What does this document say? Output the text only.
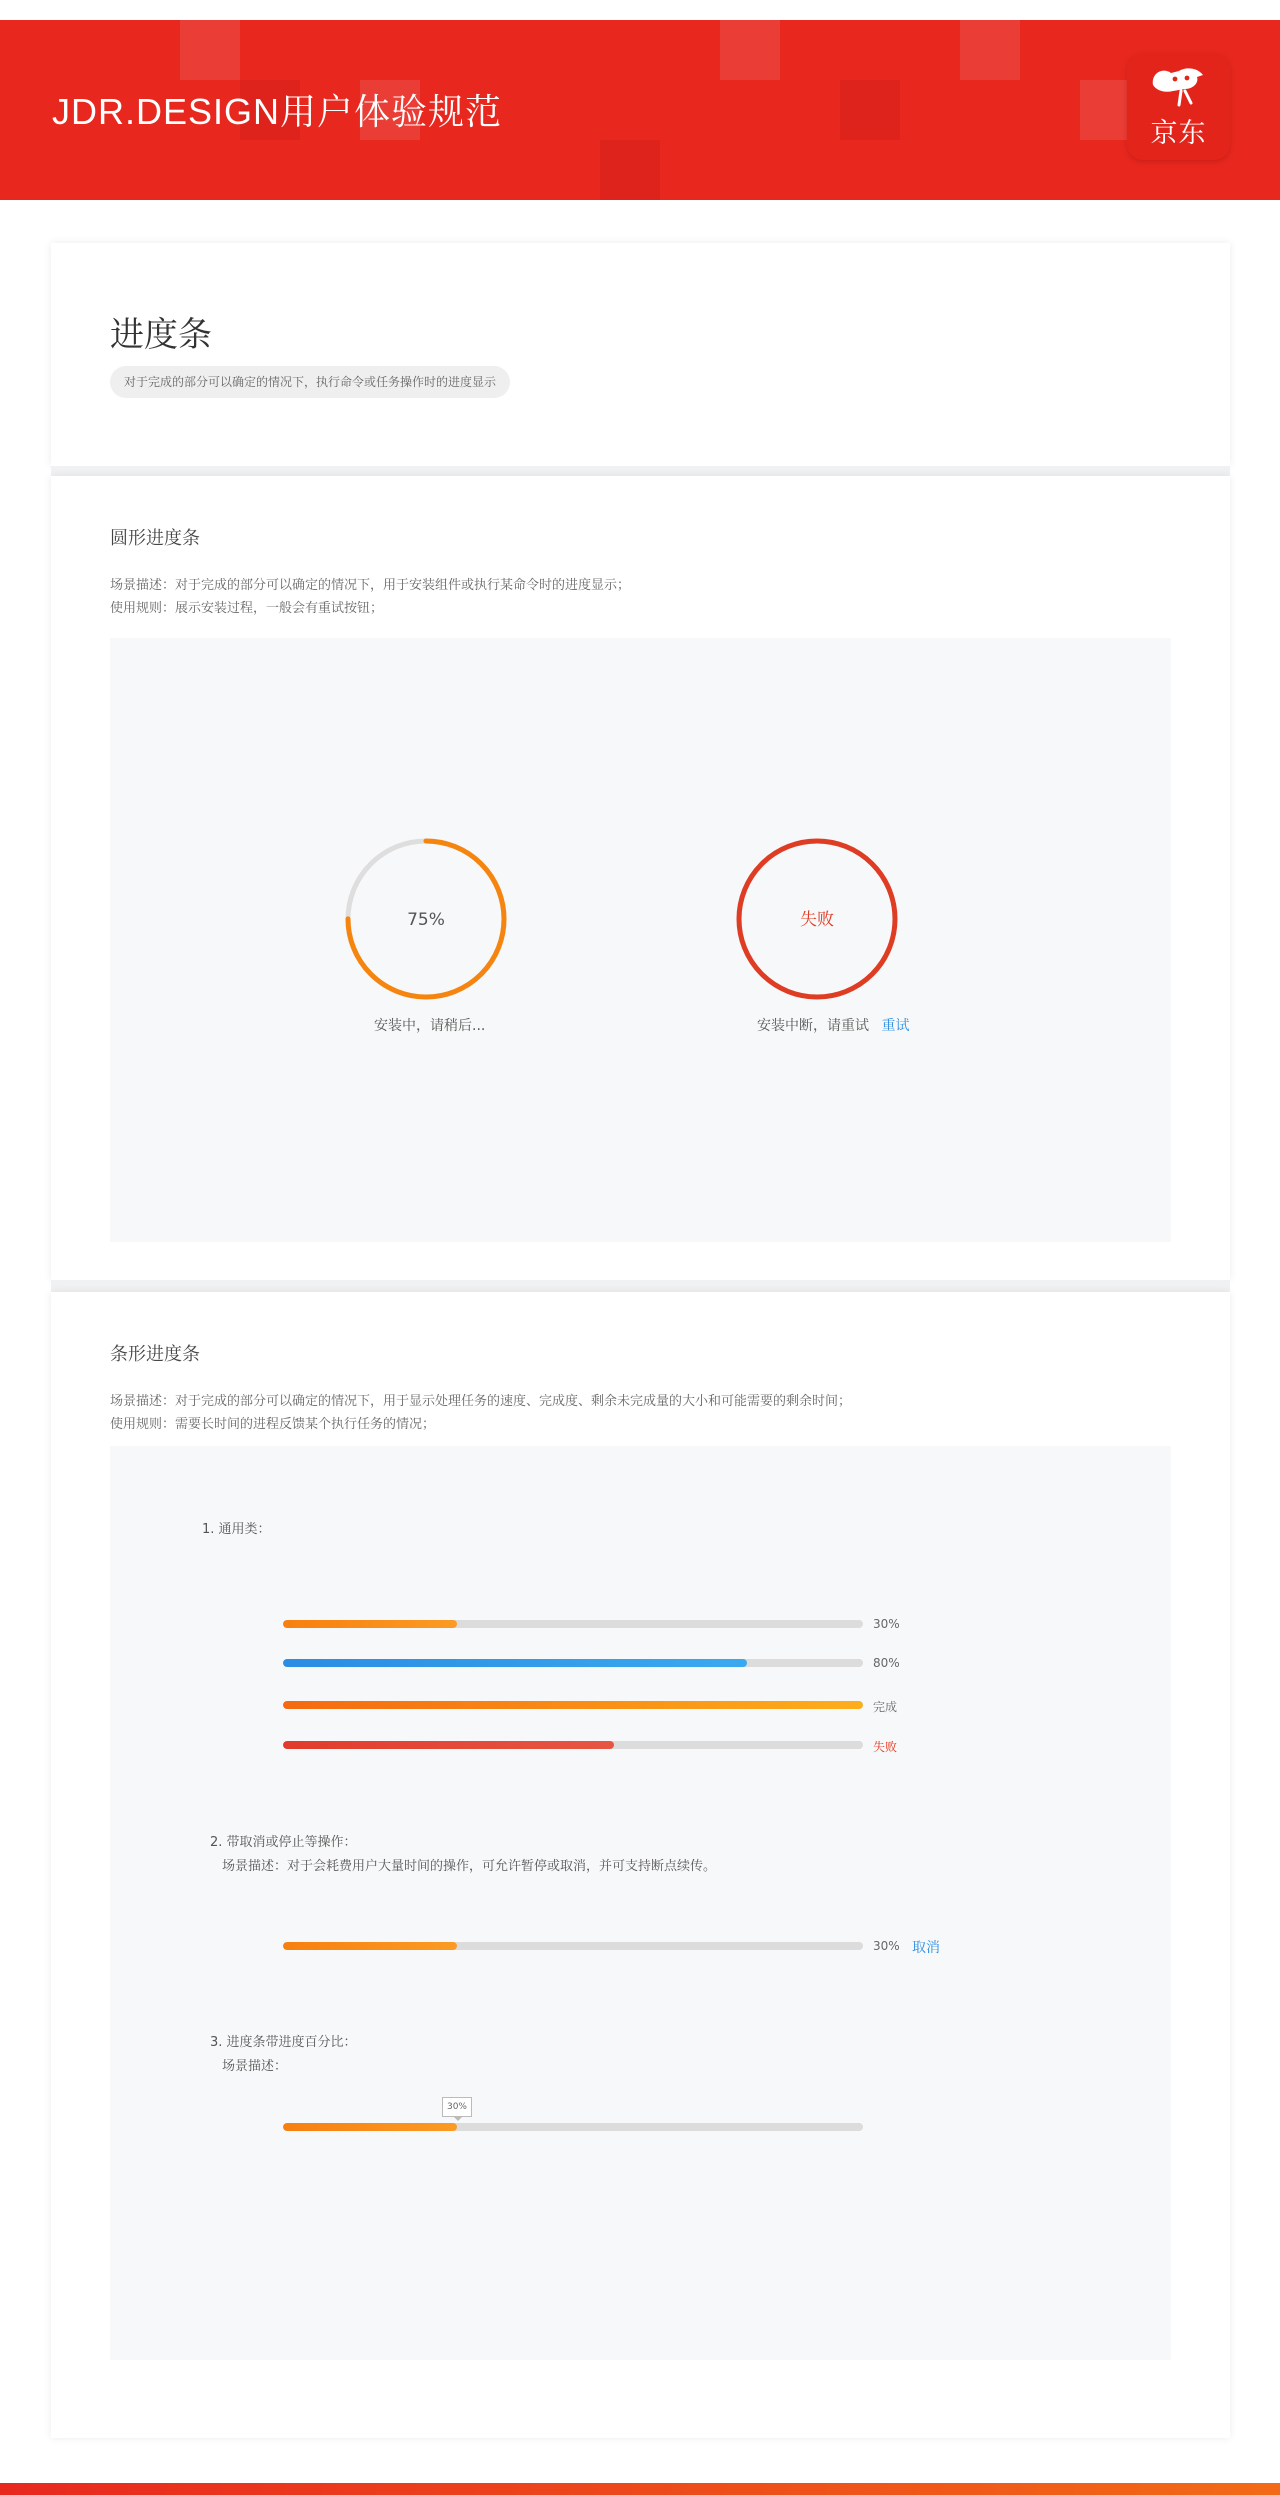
JDR.DESIGN用户体验规范
京东
进度条
对于完成的部分可以确定的情况下，执行命令或任务操作时的进度显示
圆形进度条
场景描述：对于完成的部分可以确定的情况下，用于安装组件或执行某命令时的进度显示；
使用规则：展示安装过程，一般会有重试按钮；
75%
安装中，请稍后...
失败
安装中断，请重试 重试
条形进度条
场景描述：对于完成的部分可以确定的情况下，用于显示处理任务的速度、完成度、剩余未完成量的大小和可能需要的剩余时间；
使用规则：需要长时间的进程反馈某个执行任务的情况；
1. 通用类：
30%
80%
完成
失败
2. 带取消或停止等操作：
场景描述：对于会耗费用户大量时间的操作，可允许暂停或取消，并可支持断点续传。
30% 取消
3. 进度条带进度百分比：
场景描述：
30%
